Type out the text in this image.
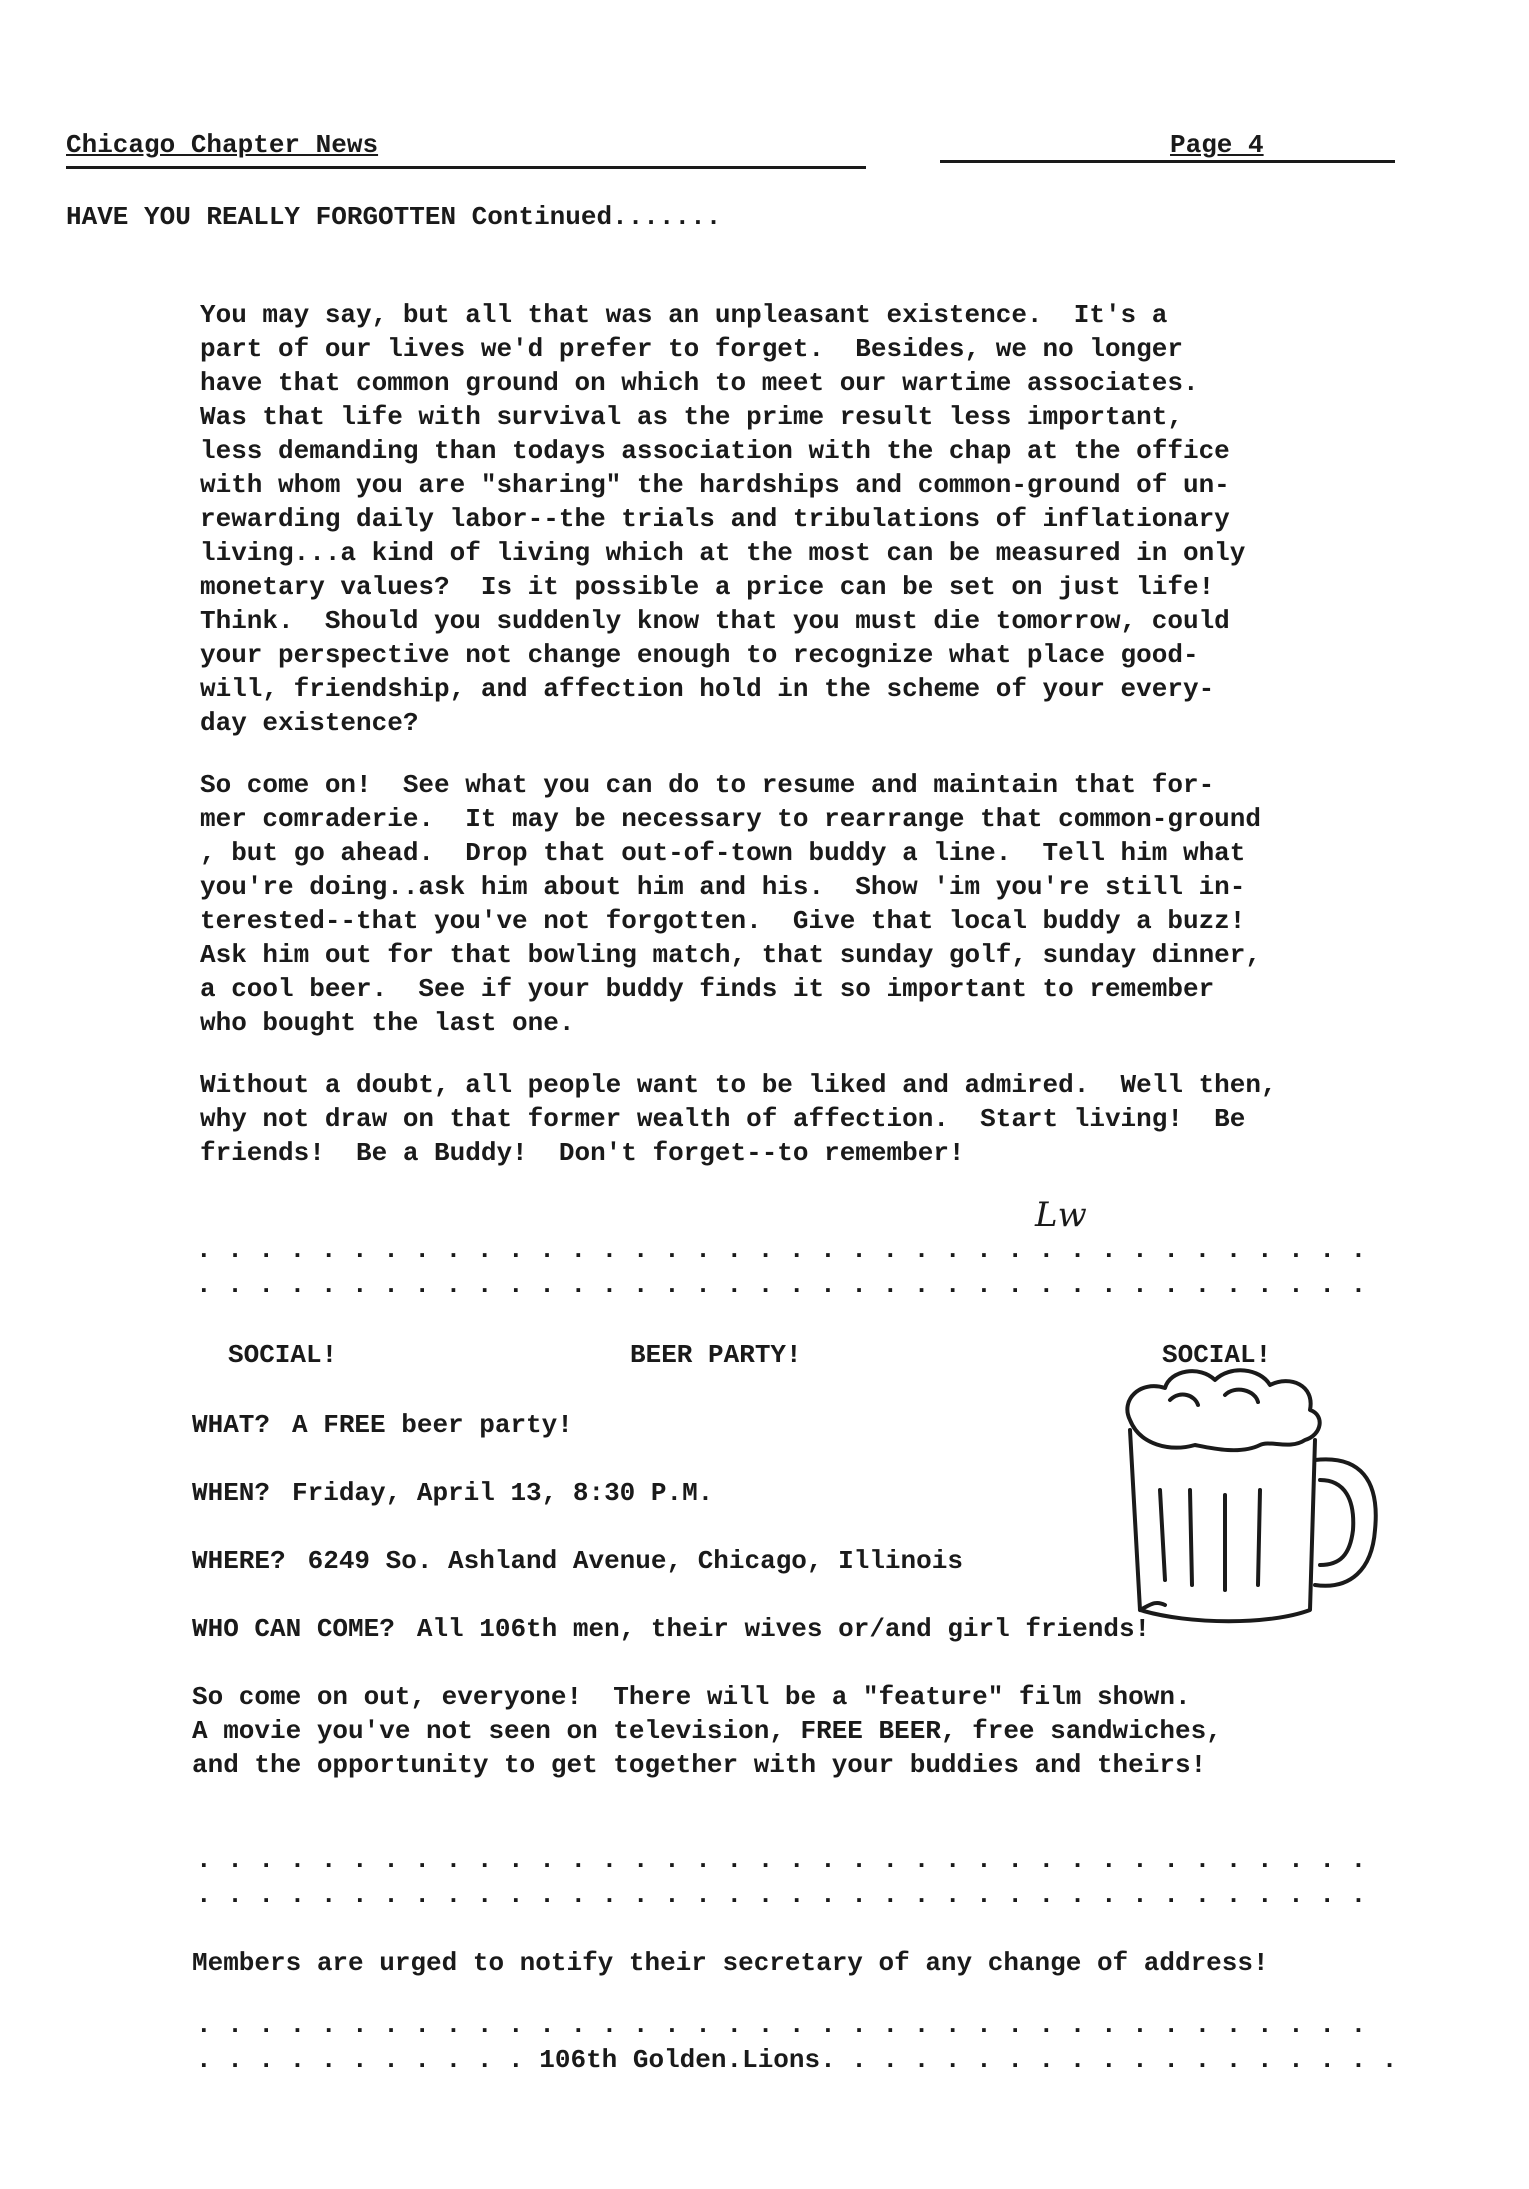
Chicago Chapter News	Page 4
HAVE YOU REALLY FORGOTTEN Continued.......

You may say, but all that was an unpleasant existence.  It's a
part of our lives we'd prefer to forget.  Besides, we no longer
have that common ground on which to meet our wartime associates.
Was that life with survival as the prime result less important,
less demanding than todays association with the chap at the office
with whom you are "sharing" the hardships and common-ground of un-
rewarding daily labor--the trials and tribulations of inflationary
living...a kind of living which at the most can be measured in only
monetary values?  Is it possible a price can be set on just life!
Think.  Should you suddenly know that you must die tomorrow, could
your perspective not change enough to recognize what place good-
will, friendship, and affection hold in the scheme of your every-
day existence?

So come on!  See what you can do to resume and maintain that for-
mer comraderie.  It may be necessary to rearrange that common-ground
, but go ahead.  Drop that out-of-town buddy a line.  Tell him what
you're doing..ask him about him and his.  Show 'im you're still in-
terested--that you've not forgotten.  Give that local buddy a buzz!
Ask him out for that bowling match, that sunday golf, sunday dinner,
a cool beer.  See if your buddy finds it so important to remember
who bought the last one.

Without a doubt, all people want to be liked and admired.  Well then,
why not draw on that former wealth of affection.  Start living!  Be
friends!  Be a Buddy!  Don't forget--to remember!

Lw
. . . . . . . . . . . . . . . . . . . . . . . . . . . . . . . . . . . . . .
. . . . . . . . . . . . . . . . . . . . . . . . . . . . . . . . . . . . . .
SOCIAL!	BEER PARTY!	SOCIAL!
WHAT? A FREE beer party!
WHEN? Friday, April 13, 8:30 P.M.
WHERE? 6249 So. Ashland Avenue, Chicago, Illinois
WHO CAN COME? All 106th men, their wives or/and girl friends!

So come on out, everyone!  There will be a "feature" film shown.
A movie you've not seen on television, FREE BEER, free sandwiches,
and the opportunity to get together with your buddies and theirs!

. . . . . . . . . . . . . . . . . . . . . . . . . . . . . . . . . . . . . .
. . . . . . . . . . . . . . . . . . . . . . . . . . . . . . . . . . . . . .
Members are urged to notify their secretary of any change of address!
. . . . . . . . . . . . . . . . . . . . . . . . . . . . . . . . . . . . . .
. . . . . . . . . . . 106th Golden.Lions. . . . . . . . . . . . . . . . . . .
